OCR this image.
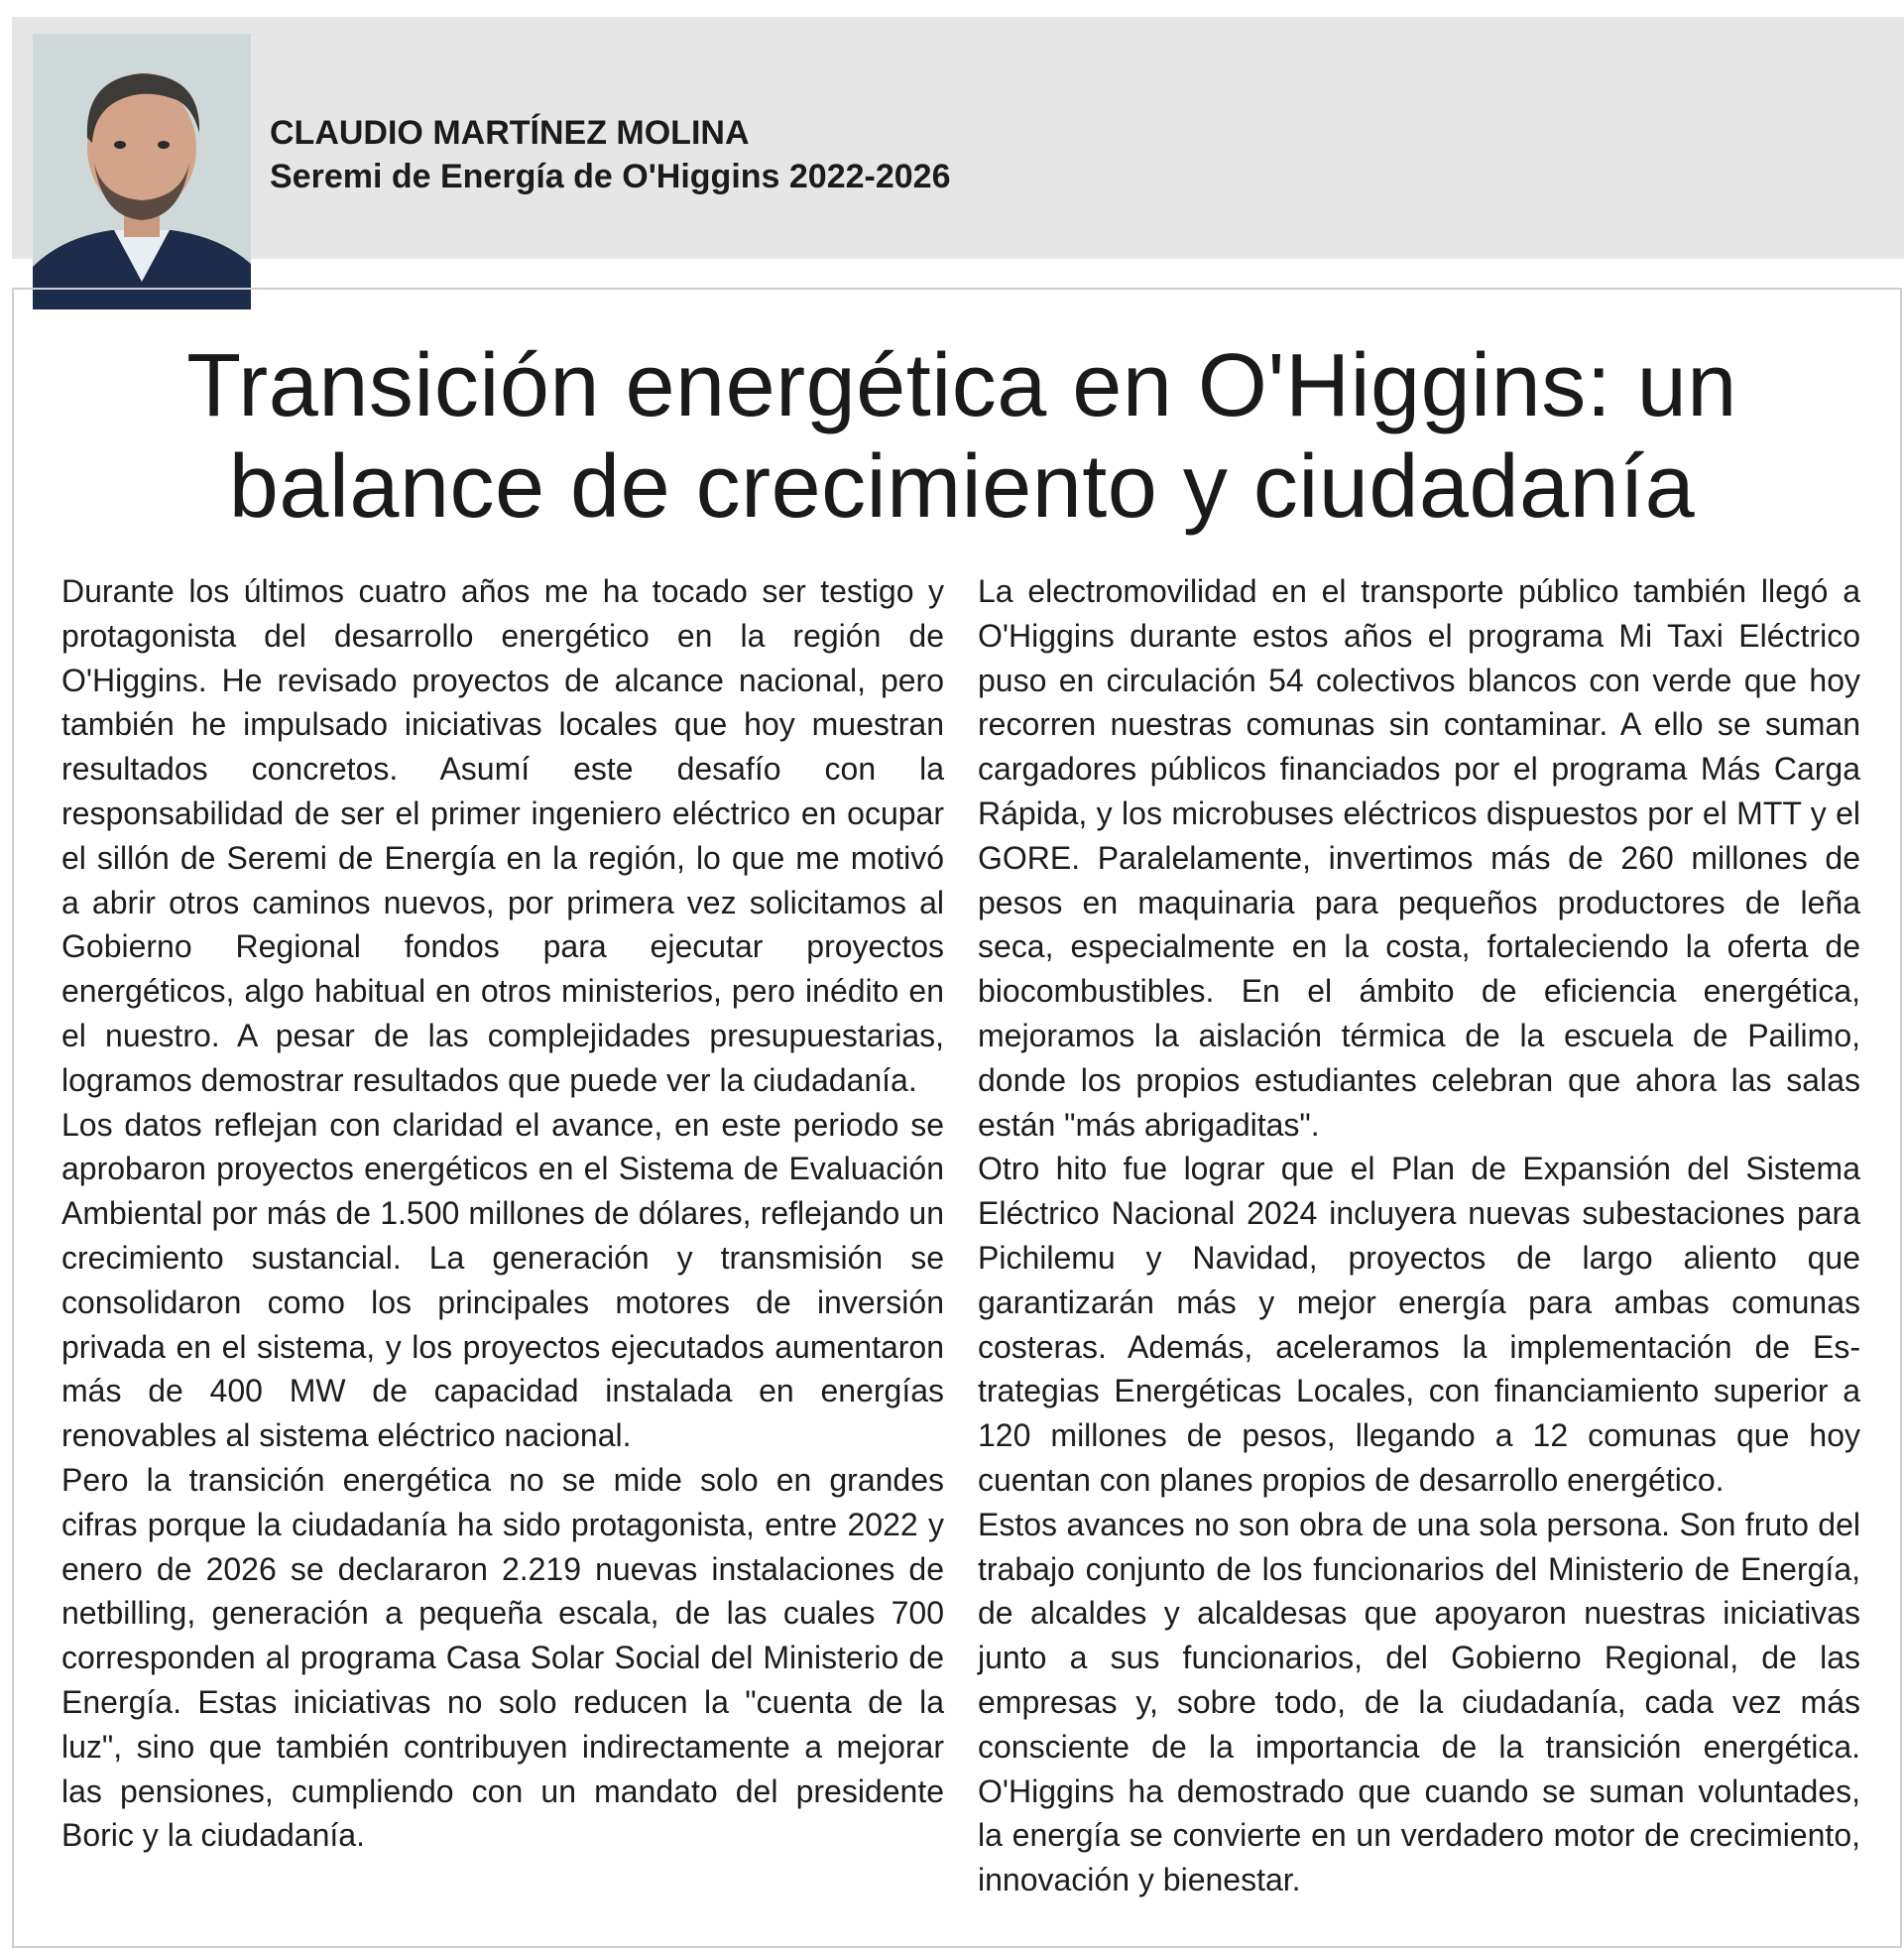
CLAUDIO MARTÍNEZ MOLINA
Seremi de Energía de O'Higgins 2022-2026
Transición energética en O'Higgins: un balance de crecimiento y ciudadanía

Durante los últimos cuatro años me ha tocado ser testigo y protagonista del desarrollo energético en la región de O'Higgins. He revisado proyectos de alcance nacional, pero también he impulsado iniciativas locales que hoy muestran resultados concretos. Asumí este desafío con la responsabilidad de ser el primer ingeniero eléctrico en ocupar el sillón de Seremi de Energía en la región, lo que me motivó a abrir otros caminos nuevos, por primera vez solicitamos al Gobierno Regional fondos para ejecutar proyectos energéticos, algo habitual en otros ministerios, pero inédito en el nuestro. A pesar de las complejidades presupuestarias, logramos demostrar resultados que puede ver la ciudadanía.

Los datos reflejan con claridad el avance, en este periodo se aprobaron proyectos energéticos en el Sistema de Evaluación Ambiental por más de 1.500 millones de dólares, reflejando un crecimiento sustancial. La generación y transmisión se consolidaron como los principales motores de inversión privada en el sistema, y los proyectos ejecutados aumentaron más de 400 MW de capacidad instalada en energías renovables al sistema eléctrico nacional.

Pero la transición energética no se mide solo en grandes cifras porque la ciudadanía ha sido protagonista, entre 2022 y enero de 2026 se declararon 2.219 nuevas instalaciones de netbilling, generación a pequeña escala, de las cuales 700 corresponden al programa Casa Solar Social del Ministerio de Energía. Estas iniciativas no solo reducen la "cuenta de la luz", sino que también contribuyen indirectamente a mejorar las pensiones, cumpliendo con un mandato del presidente Boric y la ciudadanía.

La electromovilidad en el transporte público también llegó a O'Higgins durante estos años el programa Mi Taxi Eléctrico puso en circulación 54 colectivos blancos con verde que hoy recorren nuestras comunas sin contaminar. A ello se suman cargadores públicos financiados por el programa Más Carga Rápida, y los microbuses eléctricos dispuestos por el MTT y el GORE. Paralelamente, invertimos más de 260 millones de pesos en maquinaria para pequeños productores de leña seca, especialmente en la costa, fortaleciendo la oferta de biocombustibles. En el ámbito de eficiencia energética, mejoramos la aislación térmica de la escuela de Pailimo, donde los propios estudiantes celebran que ahora las salas están "más abrigaditas".

Otro hito fue lograr que el Plan de Expansión del Sistema Eléctrico Nacional 2024 incluyera nuevas subestaciones para Pichilemu y Navidad, proyectos de largo aliento que garantizarán más y mejor energía para ambas comunas costeras. Además, aceleramos la implementación de Estrategias Energéticas Locales, con financiamiento superior a 120 millones de pesos, llegando a 12 comunas que hoy cuentan con planes propios de desarrollo energético.

Estos avances no son obra de una sola persona. Son fruto del trabajo conjunto de los funcionarios del Ministerio de Energía, de alcaldes y alcaldesas que apoyaron nuestras iniciativas junto a sus funcionarios, del Gobierno Regional, de las empresas y, sobre todo, de la ciudadanía, cada vez más consciente de la importancia de la transición energética. O'Higgins ha demostrado que cuando se suman voluntades, la energía se convierte en un verdadero motor de crecimiento, innovación y bienestar.
